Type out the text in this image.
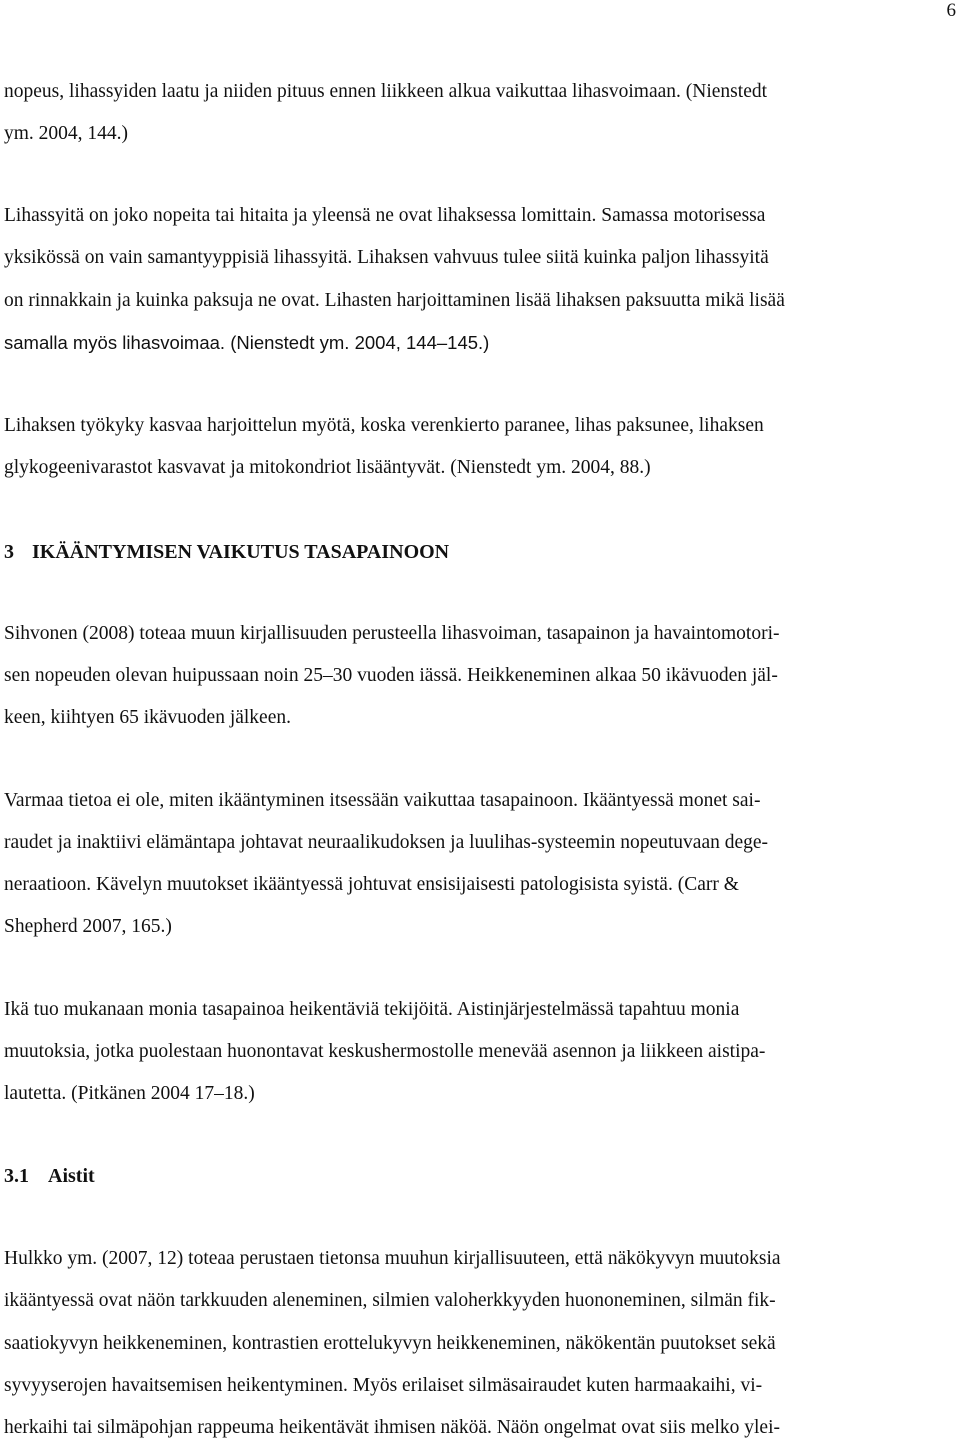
6
nopeus, lihassyiden laatu ja niiden pituus ennen liikkeen alkua vaikuttaa lihasvoimaan. (Nienstedt
ym. 2004, 144.)
Lihassyitä on joko nopeita tai hitaita ja yleensä ne ovat lihaksessa lomittain. Samassa motorisessa
yksikössä on vain samantyyppisiä lihassyitä. Lihaksen vahvuus tulee siitä kuinka paljon lihassyitä
on rinnakkain ja kuinka paksuja ne ovat. Lihasten harjoittaminen lisää lihaksen paksuutta mikä lisää
samalla myös lihasvoimaa. (Nienstedt ym. 2004, 144–145.)
Lihaksen työkyky kasvaa harjoittelun myötä, koska verenkierto paranee, lihas paksunee, lihaksen
glykogeenivarastot kasvavat ja mitokondriot lisääntyvät. (Nienstedt ym. 2004, 88.)
3 IKÄÄNTYMISEN VAIKUTUS TASAPAINOON
Sihvonen (2008) toteaa muun kirjallisuuden perusteella lihasvoiman, tasapainon ja havaintomotori-
sen nopeuden olevan huipussaan noin 25–30 vuoden iässä. Heikkeneminen alkaa 50 ikävuoden jäl-
keen, kiihtyen 65 ikävuoden jälkeen.
Varmaa tietoa ei ole, miten ikääntyminen itsessään vaikuttaa tasapainoon. Ikääntyessä monet sai-
raudet ja inaktiivi elämäntapa johtavat neuraalikudoksen ja luulihas-systeemin nopeutuvaan dege-
neraatioon. Kävelyn muutokset ikääntyessä johtuvat ensisijaisesti patologisista syistä. (Carr &
Shepherd 2007, 165.)
Ikä tuo mukanaan monia tasapainoa heikentäviä tekijöitä. Aistinjärjestelmässä tapahtuu monia
muutoksia, jotka puolestaan huonontavat keskushermostolle menevää asennon ja liikkeen aistipa-
lautetta. (Pitkänen 2004 17–18.)
3.1 Aistit
Hulkko ym. (2007, 12) toteaa perustaen tietonsa muuhun kirjallisuuteen, että näkökyvyn muutoksia
ikääntyessä ovat näön tarkkuuden aleneminen, silmien valoherkkyyden huononeminen, silmän fik-
saatiokyvyn heikkeneminen, kontrastien erottelukyvyn heikkeneminen, näkökentän puutokset sekä
syvyyserojen havaitsemisen heikentyminen. Myös erilaiset silmäsairaudet kuten harmaakaihi, vi-
herkaihi tai silmäpohjan rappeuma heikentävät ihmisen näköä. Näön ongelmat ovat siis melko ylei-
